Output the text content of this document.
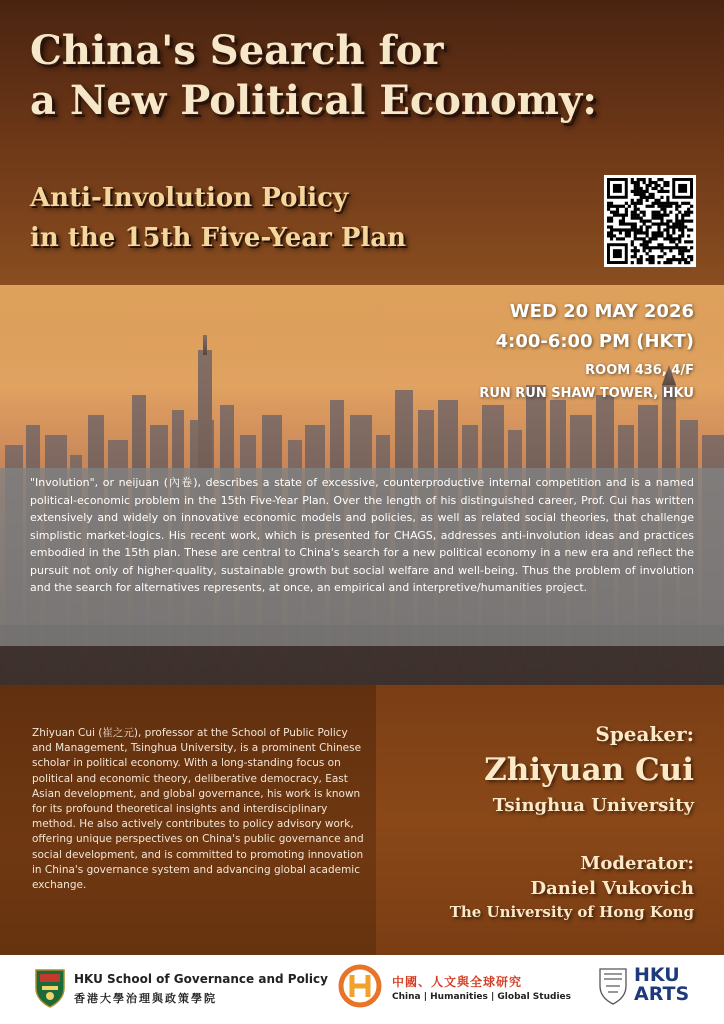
China's Search for
a New Political Economy:
Anti-Involution Policy
in the 15th Five-Year Plan
WED 20 MAY 2026
4:00-6:00 PM (HKT)
ROOM 436, 4/F
RUN RUN SHAW TOWER, HKU

"Involution", or neijuan (內卷), describes a state of excessive, counterproductive internal competition and is a named political-economic problem in the 15th Five-Year Plan. Over the length of his distinguished career, Prof. Cui has written extensively and widely on innovative economic models and policies, as well as related social theories, that challenge simplistic market-logics. His recent work, which is presented for CHAGS, addresses anti-involution ideas and practices embodied in the 15th plan. These are central to China's search for a new political economy in a new era and reflect the pursuit not only of higher-quality, sustainable growth but social welfare and well-being. Thus the problem of involution and the search for alternatives represents, at once, an empirical and interpretive/humanities project.

Zhiyuan Cui (崔之元), professor at the School of Public Policy and Management, Tsinghua University, is a prominent Chinese scholar in political economy. With a long-standing focus on political and economic theory, deliberative democracy, East Asian development, and global governance, his work is known for its profound theoretical insights and interdisciplinary method. He also actively contributes to policy advisory work, offering unique perspectives on China's public governance and social development, and is committed to promoting innovation in China's governance system and advancing global academic exchange.

Speaker:
Zhiyuan Cui
Tsinghua University
Moderator:
Daniel Vukovich
The University of Hong Kong
HKU School of Governance and Policy
香港大學治理與政策學院
中國、人文與全球研究
China | Humanities | Global Studies
HKU
ARTS
